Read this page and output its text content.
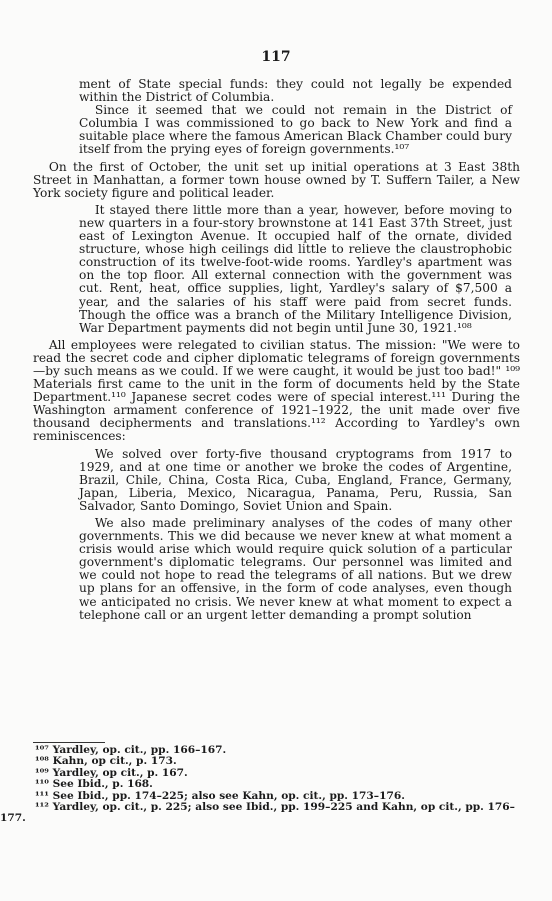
117

ment of State special funds: they could not legally be expended within the District of Columbia.

Since it seemed that we could not remain in the District of Columbia I was commissioned to go back to New York and find a suitable place where the famous American Black Chamber could bury itself from the prying eyes of foreign governments.¹⁰⁷

On the first of October, the unit set up initial operations at 3 East 38th Street in Manhattan, a former town house owned by T. Suffern Tailer, a New York society figure and political leader.

It stayed there little more than a year, however, before moving to new quarters in a four-story brownstone at 141 East 37th Street, just east of Lexington Avenue. It occupied half of the ornate, divided structure, whose high ceilings did little to relieve the claustrophobic construction of its twelve-foot-wide rooms. Yardley's apartment was on the top floor. All external connection with the government was cut. Rent, heat, office supplies, light, Yardley's salary of $7,500 a year, and the salaries of his staff were paid from secret funds. Though the office was a branch of the Military Intelligence Division, War Department payments did not begin until June 30, 1921.¹⁰⁸

All employees were relegated to civilian status. The mission: "We were to read the secret code and cipher diplomatic telegrams of foreign governments—by such means as we could. If we were caught, it would be just too bad!" ¹⁰⁹ Materials first came to the unit in the form of documents held by the State Department.¹¹⁰ Japanese secret codes were of special interest.¹¹¹ During the Washington armament conference of 1921–1922, the unit made over five thousand decipherments and translations.¹¹² According to Yardley's own reminiscences:

We solved over forty-five thousand cryptograms from 1917 to 1929, and at one time or another we broke the codes of Argentine, Brazil, Chile, China, Costa Rica, Cuba, England, France, Germany, Japan, Liberia, Mexico, Nicaragua, Panama, Peru, Russia, San Salvador, Santo Domingo, Soviet Union and Spain.

We also made preliminary analyses of the codes of many other governments. This we did because we never knew at what moment a crisis would arise which would require quick solution of a particular government's diplomatic telegrams. Our personnel was limited and we could not hope to read the telegrams of all nations. But we drew up plans for an offensive, in the form of code analyses, even though we anticipated no crisis. We never knew at what moment to expect a telephone call or an urgent letter demanding a prompt solution

¹⁰⁷ Yardley, op. cit., pp. 166–167.
¹⁰⁸ Kahn, op cit., p. 173.
¹⁰⁹ Yardley, op cit., p. 167.
¹¹⁰ See Ibid., p. 168.
¹¹¹ See Ibid., pp. 174–225; also see Kahn, op. cit., pp. 173–176.
¹¹² Yardley, op. cit., p. 225; also see Ibid., pp. 199–225 and Kahn, op cit., pp. 176–
177.
